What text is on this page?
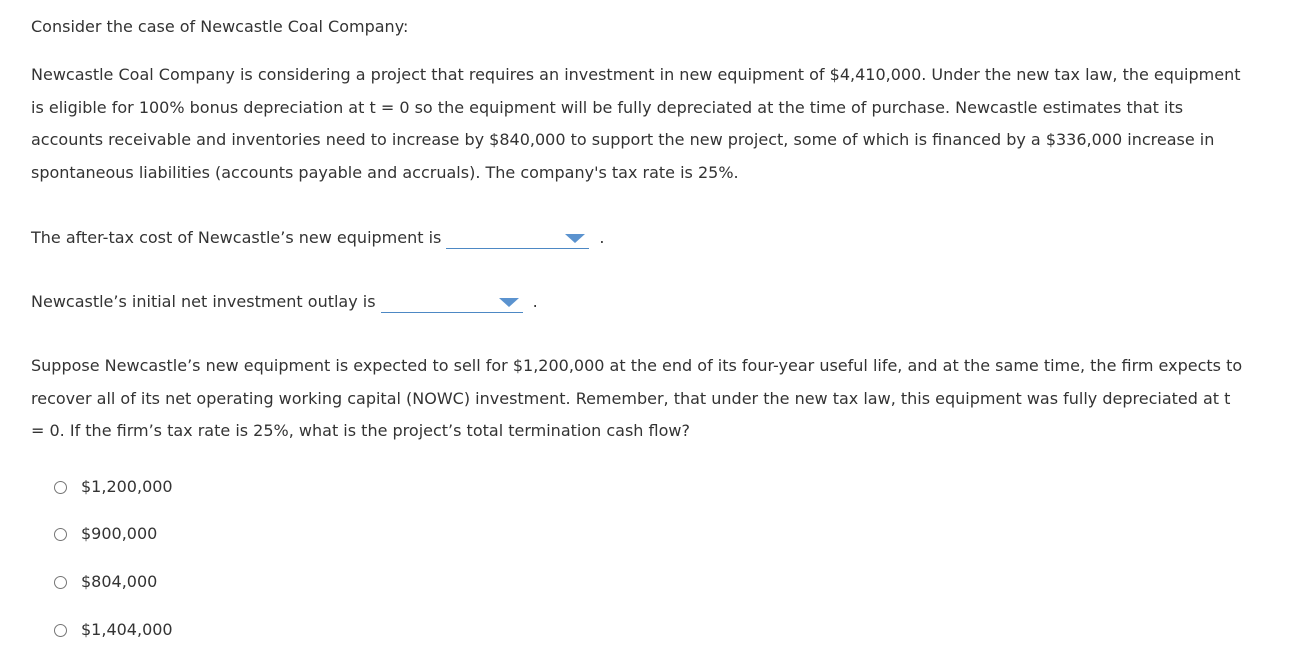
Consider the case of Newcastle Coal Company:
Newcastle Coal Company is considering a project that requires an investment in new equipment of $4,410,000. Under the new tax law, the equipment
is eligible for 100% bonus depreciation at t = 0 so the equipment will be fully depreciated at the time of purchase. Newcastle estimates that its
accounts receivable and inventories need to increase by $840,000 to support the new project, some of which is financed by a $336,000 increase in
spontaneous liabilities (accounts payable and accruals). The company's tax rate is 25%.
The after-tax cost of Newcastle’s new equipment is	.
Newcastle’s initial net investment outlay is	.
Suppose Newcastle’s new equipment is expected to sell for $1,200,000 at the end of its four-year useful life, and at the same time, the firm expects to
recover all of its net operating working capital (NOWC) investment. Remember, that under the new tax law, this equipment was fully depreciated at t
= 0. If the firm’s tax rate is 25%, what is the project’s total termination cash flow?
$1,200,000
$900,000
$804,000
$1,404,000
